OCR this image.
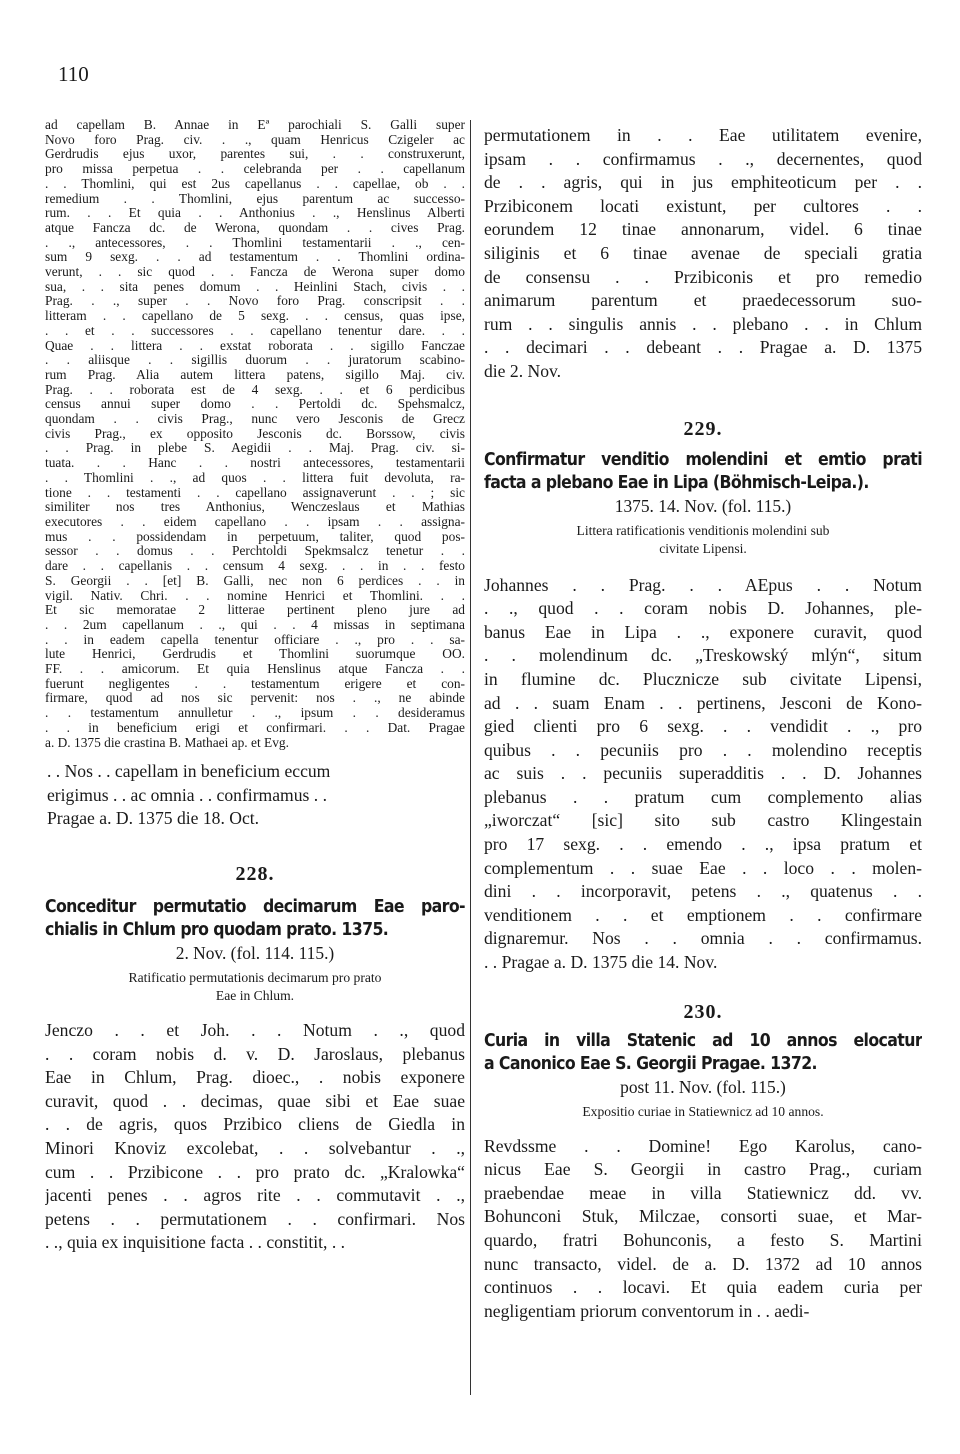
110
ad capellam B. Annae in Eª parochiali S. Galli super
Novo foro Prag. civ. . ., quam Henricus Czigeler ac
Gerdrudis ejus uxor, parentes sui, . . construxerunt,
pro missa perpetua . . celebranda per . . capellanum
. . Thomlini, qui est 2us capellanus . . capellae, ob . .
remedium . . Thomlini, ejus parentum ac successo-
rum. . . Et quia . . Anthonius . ., Henslinus Alberti
atque Fancza dc. de Werona, quondam . . cives Prag.
. ., antecessores, . . Thomlini testamentarii . ., cen-
sum 9 sexg. . . ad testamentum . . Thomlini ordina-
verunt, . . sic quod . . Fancza de Werona super domo
sua, . . sita penes domum . . Heinlini Stach, civis . .
Prag. . ., super . . Novo foro Prag. conscripsit . .
litteram . . capellano de 5 sexg. . . census, quas ipse,
. . et . . successores . . capellano tenentur dare. . .
Quae . . littera . . exstat roborata . . sigillo Fanczae
. . aliisque . . sigillis duorum . . juratorum scabino-
rum Prag. Alia autem littera patens, sigillo Maj. civ.
Prag. . . roborata est de 4 sexg. . . et 6 perdicibus
census annui super domo . . Pertoldi dc. Spehsmalcz,
quondam . . civis Prag., nunc vero Jesconis de Grecz
civis Prag., ex opposito Jesconis dc. Borssow, civis
. . Prag. in plebe S. Aegidii . . Maj. Prag. civ. si-
tuata. . . Hanc . . nostri antecessores, testamentarii
. . Thomlini . ., ad quos . . littera fuit devoluta, ra-
tione . . testamenti . . capellano assignaverunt . . ; sic
similiter nos tres Anthonius, Wenczeslaus et Mathias
executores . . eidem capellano . . ipsam . . assigna-
mus . . possidendam in perpetuum, taliter, quod pos-
sessor . . domus . . Perchtoldi Spekmsalcz tenetur . .
dare . . capellanis . . censum 4 sexg. . . in . . festo
S. Georgii . . [et] B. Galli, nec non 6 perdices . . in
vigil. Nativ. Chri. . . nomine Henrici et Thomlini. . .
Et sic memoratae 2 litterae pertinent pleno jure ad
. . 2um capellanum . ., qui . . 4 missas in septimana
. . in eadem capella tenentur officiare . ., pro . . sa-
lute Henrici, Gerdrudis et Thomlini suorumque OO.
FF. . . amicorum. Et quia Henslinus atque Fancza . .
fuerunt negligentes . . testamentum erigere et con-
firmare, quod ad nos sic pervenit: nos . ., ne abinde
. . testamentum annulletur . ., ipsum . . desideramus
. . in beneficium erigi et confirmari. . . Dat. Pragae
a. D. 1375 die crastina B. Mathaei ap. et Evg.
. . Nos . . capellam in beneficium eccum
erigimus . . ac omnia . . confirmamus . .
Pragae a. D. 1375 die 18. Oct.

228.

Conceditur permutatio decimarum Eae paro-
chialis in Chlum pro quodam prato. 1375.

2. Nov. (fol. 114. 115.)

Ratificatio permutationis decimarum pro prato
Eae in Chlum.
Jenczo . . et Joh. . . Notum . ., quod
. . coram nobis d. v. D. Jaroslaus, plebanus
Eae in Chlum, Prag. dioec., . nobis exponere
curavit, quod . . decimas, quae sibi et Eae suae
. . de agris, quos Przibico cliens de Giedla in
Minori Knoviz excolebat, . . solvebantur . .,
cum . . Przibicone . . pro prato dc. „Kralowka“
jacenti penes . . agros rite . . commutavit . .,
petens . . permutationem . . confirmari. Nos
. ., quia ex inquisitione facta . . constitit, . .
permutationem in . . Eae utilitatem evenire,
ipsam . . confirmamus . ., decernentes, quod
de . . agris, qui in jus emphiteoticum per . .
Przibiconem locati existunt, per cultores . .
eorundem 12 tinae annonarum, videl. 6 tinae
siliginis et 6 tinae avenae de speciali gratia
de consensu . . Przibiconis et pro remedio
animarum parentum et praedecessorum suo-
rum . . singulis annis . . plebano . . in Chlum
. . decimari . . debeant . . Pragae a. D. 1375
die 2. Nov.

229.

Confirmatur venditio molendini et emtio prati
facta a plebano Eae in Lipa (Böhmisch-Leipa.).

1375. 14. Nov. (fol. 115.)

Littera ratificationis venditionis molendini sub
civitate Lipensi.
Johannes . . Prag. . . AEpus . . Notum
. ., quod . . coram nobis D. Johannes, ple-
banus Eae in Lipa . ., exponere curavit, quod
. . molendinum dc. „Treskowský mlýn“, situm
in flumine dc. Plucznicze sub civitate Lipensi,
ad . . suam Enam . . pertinens, Jesconi de Kono-
gied clienti pro 6 sexg. . . vendidit . ., pro
quibus . . pecuniis pro . . molendino receptis
ac suis . . pecuniis superadditis . . D. Johannes
plebanus . . pratum cum complemento alias
„iworczat“ [sic] sito sub castro Klingestain
pro 17 sexg. . . emendo . ., ipsa pratum et
complementum . . suae Eae . . loco . . molen-
dini . . incorporavit, petens . ., quatenus . .
venditionem . . et emptionem . . confirmare
dignaremur. Nos . . omnia . . confirmamus.
. . Pragae a. D. 1375 die 14. Nov.

230.

Curia in villa Statenic ad 10 annos elocatur
a Canonico Eae S. Georgii Pragae. 1372.

post 11. Nov. (fol. 115.)

Expositio curiae in Statiewnicz ad 10 annos.
Revdssme . . Domine! Ego Karolus, cano-
nicus Eae S. Georgii in castro Prag., curiam
praebendae meae in villa Statiewnicz dd. vv.
Bohunconi Stuk, Milczae, consorti suae, et Mar-
quardo, fratri Bohunconis, a festo S. Martini
nunc transacto, videl. de a. D. 1372 ad 10 annos
continuos . . locavi. Et quia eadem curia per
negligentiam priorum conventorum in . . aedi-
